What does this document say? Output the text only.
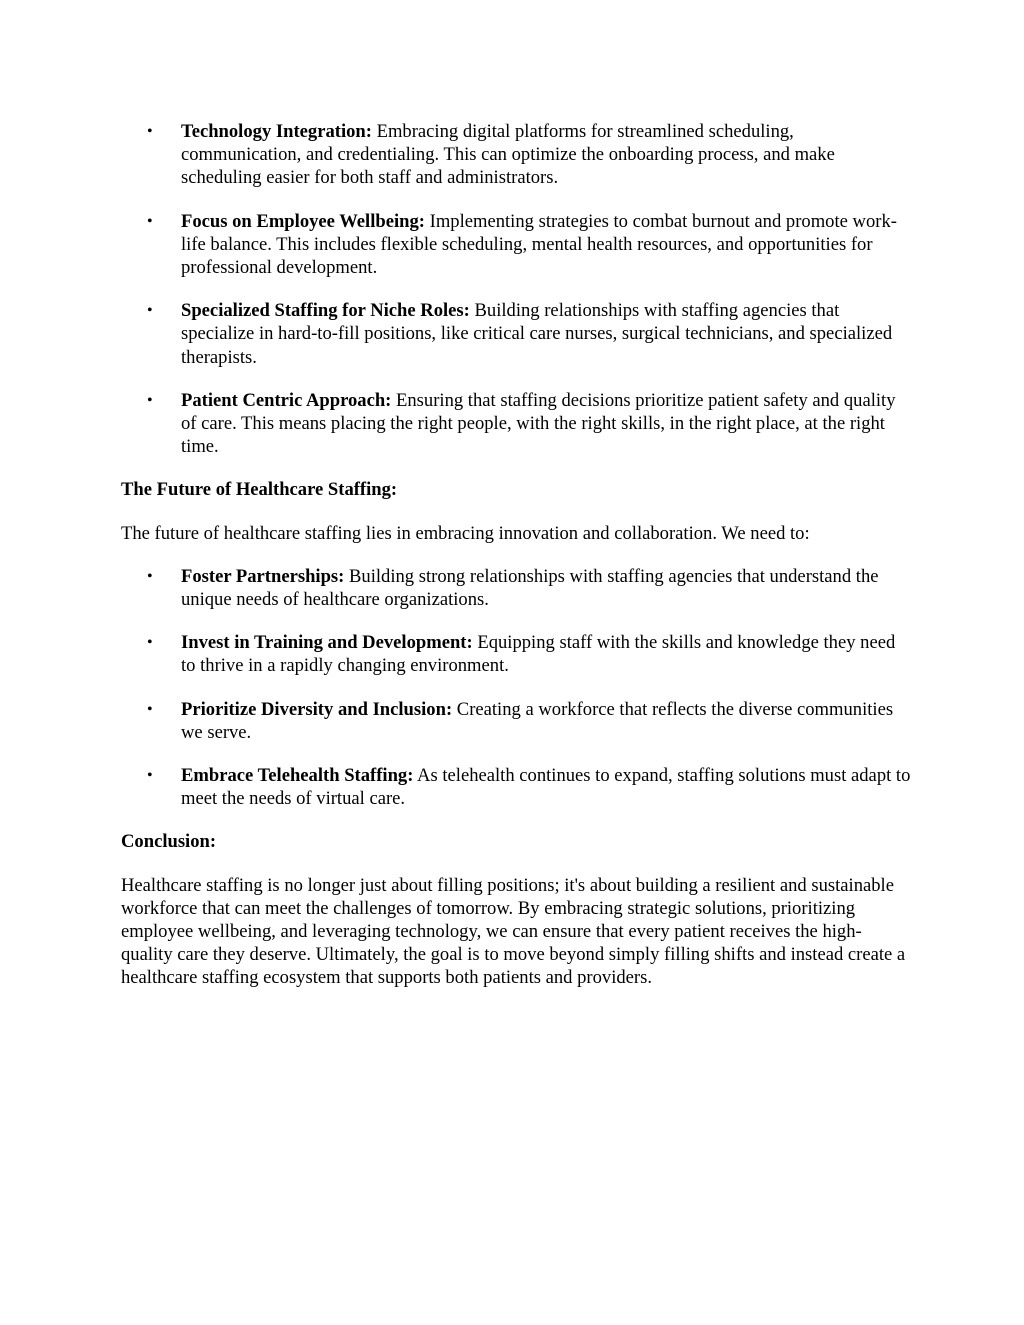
• Technology Integration: Embracing digital platforms for streamlined scheduling, communication, and credentialing. This can optimize the onboarding process, and make scheduling easier for both staff and administrators.
• Focus on Employee Wellbeing: Implementing strategies to combat burnout and promote work-life balance. This includes flexible scheduling, mental health resources, and opportunities for professional development.
• Specialized Staffing for Niche Roles: Building relationships with staffing agencies that specialize in hard-to-fill positions, like critical care nurses, surgical technicians, and specialized therapists.
• Patient Centric Approach: Ensuring that staffing decisions prioritize patient safety and quality of care. This means placing the right people, with the right skills, in the right place, at the right time.

The Future of Healthcare Staffing:

The future of healthcare staffing lies in embracing innovation and collaboration. We need to:

• Foster Partnerships: Building strong relationships with staffing agencies that understand the unique needs of healthcare organizations.
• Invest in Training and Development: Equipping staff with the skills and knowledge they need to thrive in a rapidly changing environment.
• Prioritize Diversity and Inclusion: Creating a workforce that reflects the diverse communities we serve.
• Embrace Telehealth Staffing: As telehealth continues to expand, staffing solutions must adapt to meet the needs of virtual care.

Conclusion:

Healthcare staffing is no longer just about filling positions; it's about building a resilient and sustainable workforce that can meet the challenges of tomorrow. By embracing strategic solutions, prioritizing employee wellbeing, and leveraging technology, we can ensure that every patient receives the high-quality care they deserve. Ultimately, the goal is to move beyond simply filling shifts and instead create a healthcare staffing ecosystem that supports both patients and providers.
